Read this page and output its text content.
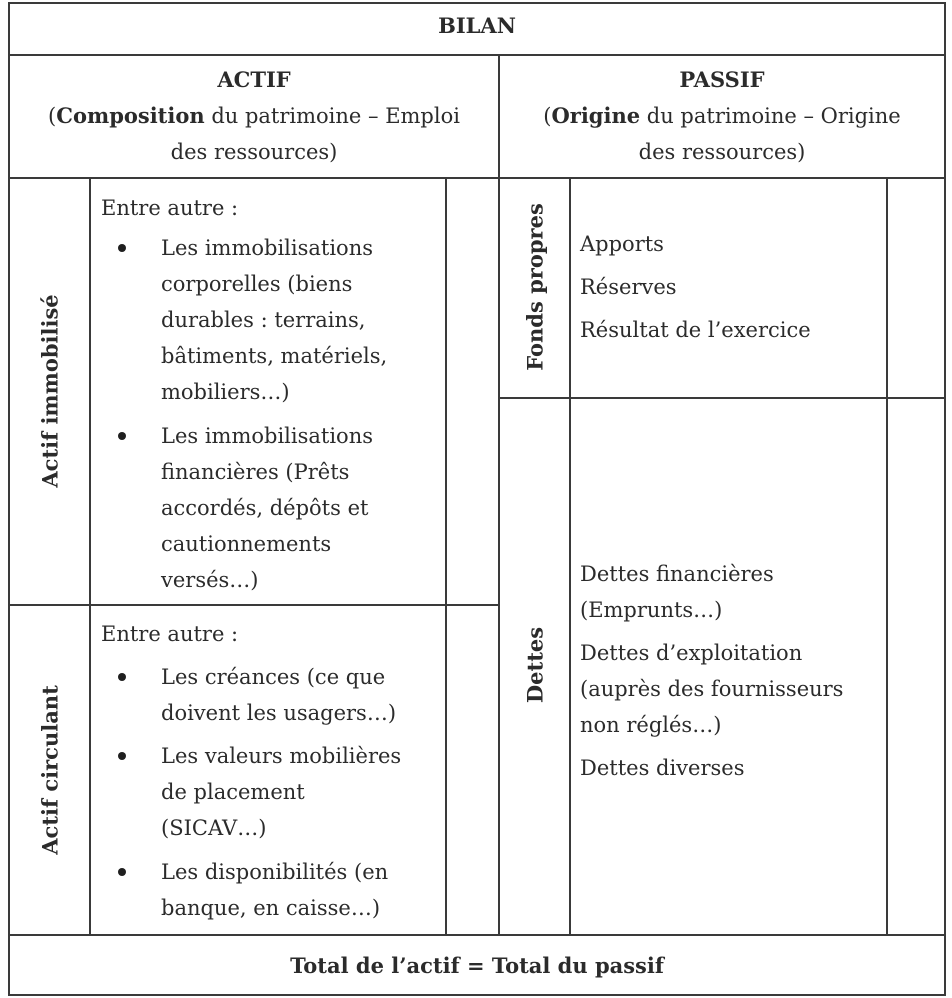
BILAN
ACTIF
(Composition du patrimoine – Emploi
des ressources)
PASSIF
(Origine du patrimoine – Origine
des ressources)
Actif immobilisé
Actif circulant
Fonds propres
Dettes
Entre autre :
Les immobilisations
corporelles (biens
durables : terrains,
bâtiments, matériels,
mobiliers…)
Les immobilisations
financières (Prêts
accordés, dépôts et
cautionnements
versés…)
Entre autre :
Les créances (ce que
doivent les usagers…)
Les valeurs mobilières
de placement
(SICAV…)
Les disponibilités (en
banque, en caisse…)
Apports
Réserves
Résultat de l’exercice
Dettes financières
(Emprunts…)
Dettes d’exploitation
(auprès des fournisseurs
non réglés…)
Dettes diverses
Total de l’actif = Total du passif
